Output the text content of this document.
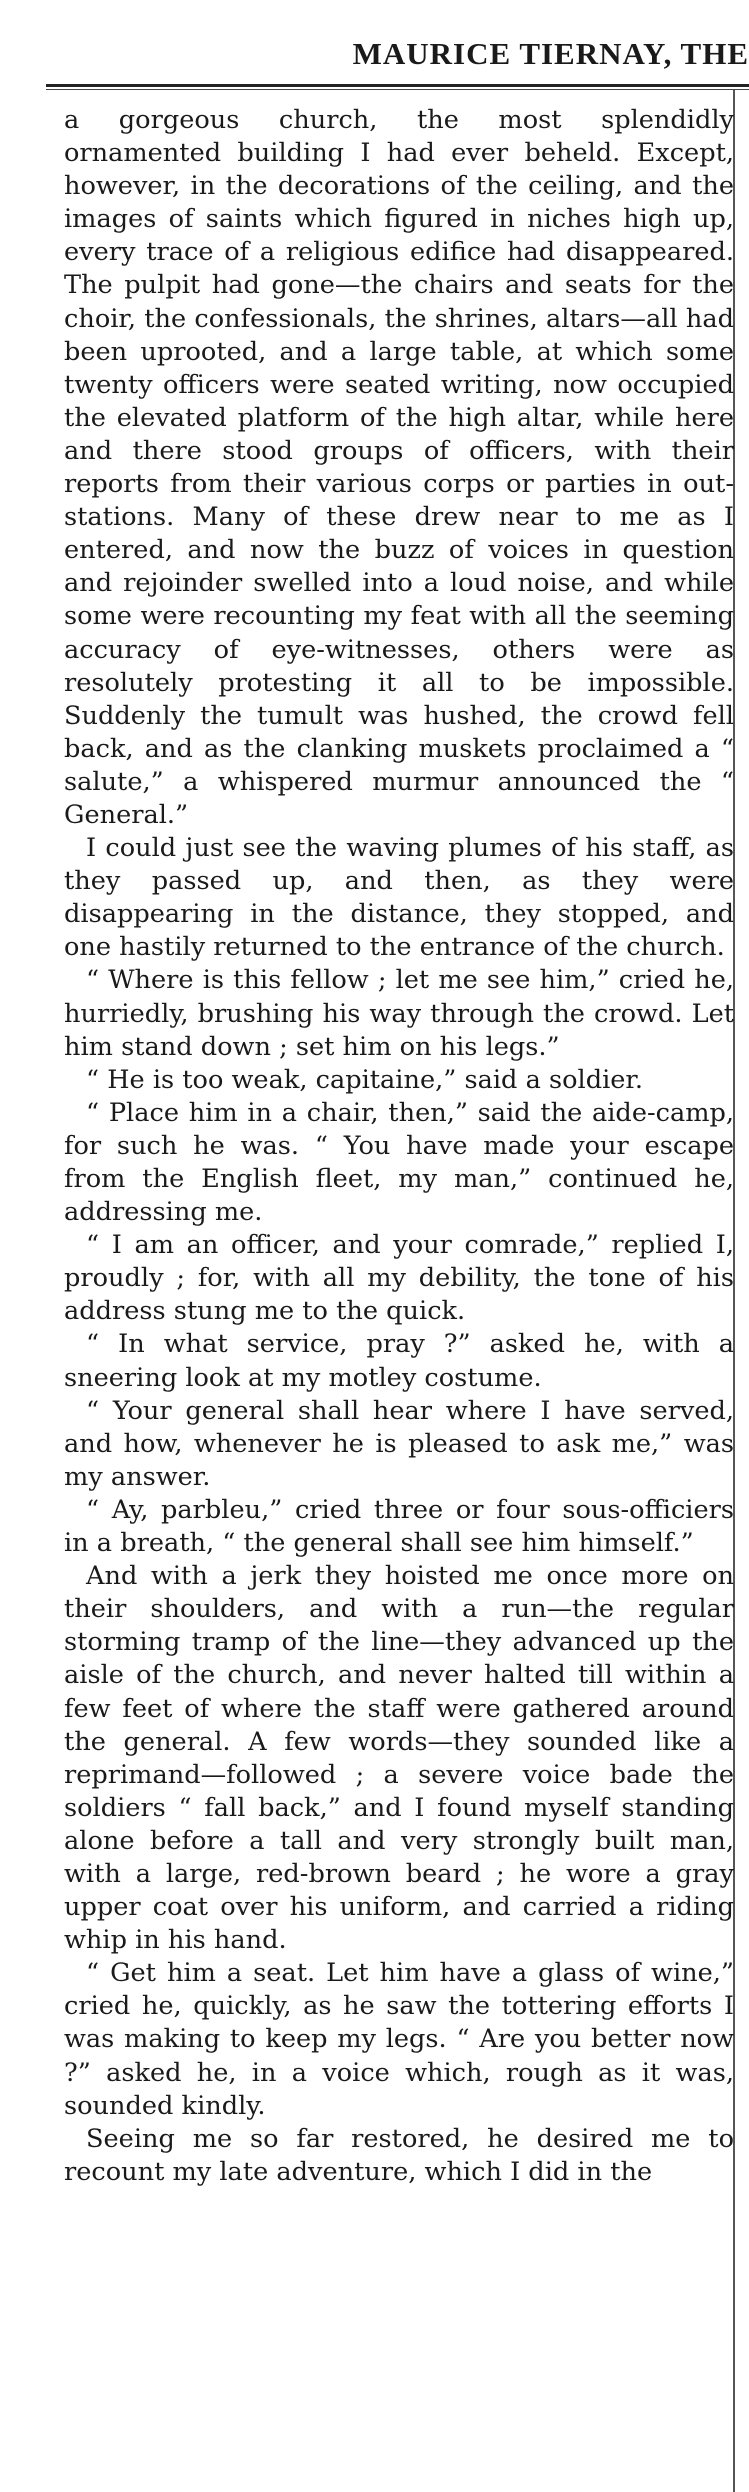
MAURICE TIERNAY, THE

a gorgeous church, the most splendidly ornamented building I had ever beheld. Except, however, in the decorations of the ceiling, and the images of saints which figured in niches high up, every trace of a religious edifice had disappeared. The pulpit had gone—the chairs and seats for the choir, the confessionals, the shrines, altars—all had been uprooted, and a large table, at which some twenty officers were seated writing, now occupied the elevated platform of the high altar, while here and there stood groups of officers, with their reports from their various corps or parties in out-stations. Many of these drew near to me as I entered, and now the buzz of voices in question and rejoinder swelled into a loud noise, and while some were recounting my feat with all the seeming accuracy of eye-witnesses, others were as resolutely protesting it all to be impossible. Suddenly the tumult was hushed, the crowd fell back, and as the clanking muskets proclaimed a “ salute,” a whispered murmur announced the “ General.”

I could just see the waving plumes of his staff, as they passed up, and then, as they were disappearing in the distance, they stopped, and one hastily returned to the entrance of the church.

“ Where is this fellow ; let me see him,” cried he, hurriedly, brushing his way through the crowd. Let him stand down ; set him on his legs.”

“ He is too weak, capitaine,” said a soldier.

“ Place him in a chair, then,” said the aide-camp, for such he was. “ You have made your escape from the English fleet, my man,” continued he, addressing me.

“ I am an officer, and your comrade,” replied I, proudly ; for, with all my debility, the tone of his address stung me to the quick.

“ In what service, pray ?” asked he, with a sneering look at my motley costume.

“ Your general shall hear where I have served, and how, whenever he is pleased to ask me,” was my answer.

“ Ay, parbleu,” cried three or four sous-officiers in a breath, “ the general shall see him himself.”

And with a jerk they hoisted me once more on their shoulders, and with a run—the regular storming tramp of the line—they advanced up the aisle of the church, and never halted till within a few feet of where the staff were gathered around the general. A few words—they sounded like a reprimand—followed ; a severe voice bade the soldiers “ fall back,” and I found myself standing alone before a tall and very strongly built man, with a large, red-brown beard ; he wore a gray upper coat over his uniform, and carried a riding whip in his hand.

“ Get him a seat. Let him have a glass of wine,” cried he, quickly, as he saw the tottering efforts I was making to keep my legs. “ Are you better now ?” asked he, in a voice which, rough as it was, sounded kindly.

Seeing me so far restored, he desired me to recount my late adventure, which I did in the
